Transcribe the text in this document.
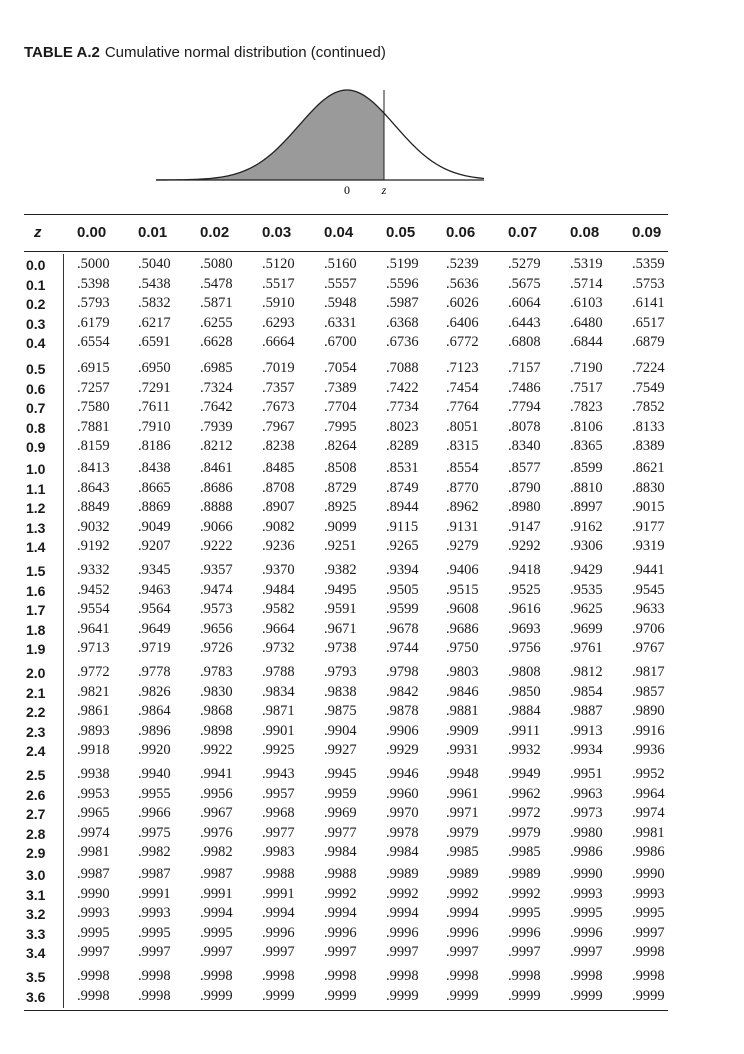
TABLE A.2 Cumulative normal distribution (continued)
0	z
z 0.00 0.01 0.02 0.03 0.04 0.05 0.06 0.07 0.08 0.09
0.0 .5000 .5040 .5080 .5120 .5160 .5199 .5239 .5279 .5319 .5359
0.1 .5398 .5438 .5478 .5517 .5557 .5596 .5636 .5675 .5714 .5753
0.2 .5793 .5832 .5871 .5910 .5948 .5987 .6026 .6064 .6103 .6141
0.3 .6179 .6217 .6255 .6293 .6331 .6368 .6406 .6443 .6480 .6517
0.4 .6554 .6591 .6628 .6664 .6700 .6736 .6772 .6808 .6844 .6879
0.5 .6915 .6950 .6985 .7019 .7054 .7088 .7123 .7157 .7190 .7224
0.6 .7257 .7291 .7324 .7357 .7389 .7422 .7454 .7486 .7517 .7549
0.7 .7580 .7611 .7642 .7673 .7704 .7734 .7764 .7794 .7823 .7852
0.8 .7881 .7910 .7939 .7967 .7995 .8023 .8051 .8078 .8106 .8133
0.9 .8159 .8186 .8212 .8238 .8264 .8289 .8315 .8340 .8365 .8389
1.0 .8413 .8438 .8461 .8485 .8508 .8531 .8554 .8577 .8599 .8621
1.1 .8643 .8665 .8686 .8708 .8729 .8749 .8770 .8790 .8810 .8830
1.2 .8849 .8869 .8888 .8907 .8925 .8944 .8962 .8980 .8997 .9015
1.3 .9032 .9049 .9066 .9082 .9099 .9115 .9131 .9147 .9162 .9177
1.4 .9192 .9207 .9222 .9236 .9251 .9265 .9279 .9292 .9306 .9319
1.5 .9332 .9345 .9357 .9370 .9382 .9394 .9406 .9418 .9429 .9441
1.6 .9452 .9463 .9474 .9484 .9495 .9505 .9515 .9525 .9535 .9545
1.7 .9554 .9564 .9573 .9582 .9591 .9599 .9608 .9616 .9625 .9633
1.8 .9641 .9649 .9656 .9664 .9671 .9678 .9686 .9693 .9699 .9706
1.9 .9713 .9719 .9726 .9732 .9738 .9744 .9750 .9756 .9761 .9767
2.0 .9772 .9778 .9783 .9788 .9793 .9798 .9803 .9808 .9812 .9817
2.1 .9821 .9826 .9830 .9834 .9838 .9842 .9846 .9850 .9854 .9857
2.2 .9861 .9864 .9868 .9871 .9875 .9878 .9881 .9884 .9887 .9890
2.3 .9893 .9896 .9898 .9901 .9904 .9906 .9909 .9911 .9913 .9916
2.4 .9918 .9920 .9922 .9925 .9927 .9929 .9931 .9932 .9934 .9936
2.5 .9938 .9940 .9941 .9943 .9945 .9946 .9948 .9949 .9951 .9952
2.6 .9953 .9955 .9956 .9957 .9959 .9960 .9961 .9962 .9963 .9964
2.7 .9965 .9966 .9967 .9968 .9969 .9970 .9971 .9972 .9973 .9974
2.8 .9974 .9975 .9976 .9977 .9977 .9978 .9979 .9979 .9980 .9981
2.9 .9981 .9982 .9982 .9983 .9984 .9984 .9985 .9985 .9986 .9986
3.0 .9987 .9987 .9987 .9988 .9988 .9989 .9989 .9989 .9990 .9990
3.1 .9990 .9991 .9991 .9991 .9992 .9992 .9992 .9992 .9993 .9993
3.2 .9993 .9993 .9994 .9994 .9994 .9994 .9994 .9995 .9995 .9995
3.3 .9995 .9995 .9995 .9996 .9996 .9996 .9996 .9996 .9996 .9997
3.4 .9997 .9997 .9997 .9997 .9997 .9997 .9997 .9997 .9997 .9998
3.5 .9998 .9998 .9998 .9998 .9998 .9998 .9998 .9998 .9998 .9998
3.6 .9998 .9998 .9999 .9999 .9999 .9999 .9999 .9999 .9999 .9999
